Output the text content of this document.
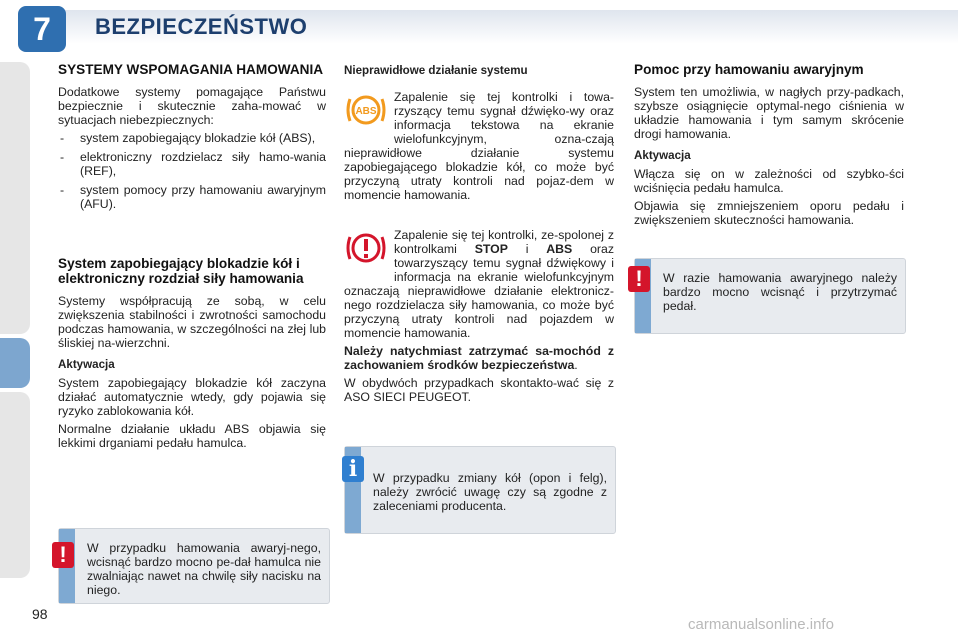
7	BEZPIECZEŃSTWO
SYSTEMY WSPOMAGANIA HAMOWANIA

Dodatkowe systemy pomagające Państwu bezpiecznie i skutecznie zaha-mować w sytuacjach niebezpiecznych:

- system zapobiegający blokadzie kół (ABS),
- elektroniczny rozdzielacz siły hamo-wania (REF),
- system pomocy przy hamowaniu awaryjnym (AFU).
System zapobiegający blokadzie kół i elektroniczny rozdział siły hamowania

Systemy współpracują ze sobą, w celu zwiększenia stabilności i zwrotności samochodu podczas hamowania, w szczególności na złej lub śliskiej na-wierzchni.

Aktywacja

System zapobiegający blokadzie kół zaczyna działać automatycznie wtedy, gdy pojawia się ryzyko zablokowania kół.

Normalne działanie układu ABS objawia się lekkimi drganiami pedału hamulca.

W przypadku hamowania awaryj-nego, wcisnąć bardzo mocno pe-dał hamulca nie zwalniając nawet na chwilę siły nacisku na niego.
!
Nieprawidłowe działanie systemu
ABS

Zapalenie się tej kontrolki i towa-rzyszący temu sygnał dźwięko-wy oraz informacja tekstowa na ekranie wielofunkcyjnym, ozna-czają nieprawidłowe działanie systemu zapobiegającego blokadzie kół, co może być przyczyną utraty kontroli nad pojaz-dem w momencie hamowania.

Zapalenie się tej kontrolki, ze-spolonej z kontrolkami STOP i ABS oraz towarzyszący temu sygnał dźwiękowy i informacja na ekranie wielofunkcyjnym oznaczają nieprawidłowe działanie elektronicz-nego rozdzielacza siły hamowania, co może być przyczyną utraty kontroli nad pojazdem w momencie hamowania.

Należy natychmiast zatrzymać sa-mochód z zachowaniem środków bezpieczeństwa.

W obydwóch przypadkach skontakto-wać się z ASO SIECI PEUGEOT.

W przypadku zmiany kół (opon i felg), należy zwrócić uwagę czy są zgodne z zaleceniami producenta.
i
Pomoc przy hamowaniu awaryjnym

System ten umożliwia, w nagłych przy-padkach, szybsze osiągnięcie optymal-nego ciśnienia w układzie hamowania i tym samym skrócenie drogi hamowania.

Aktywacja

Włącza się on w zależności od szybko-ści wciśnięcia pedału hamulca.

Objawia się zmniejszeniem oporu pedału i zwiększeniem skuteczności hamowania.

W razie hamowania awaryjnego należy bardzo mocno wcisnąć i przytrzymać pedał.
!
98
carmanualsonline.info
